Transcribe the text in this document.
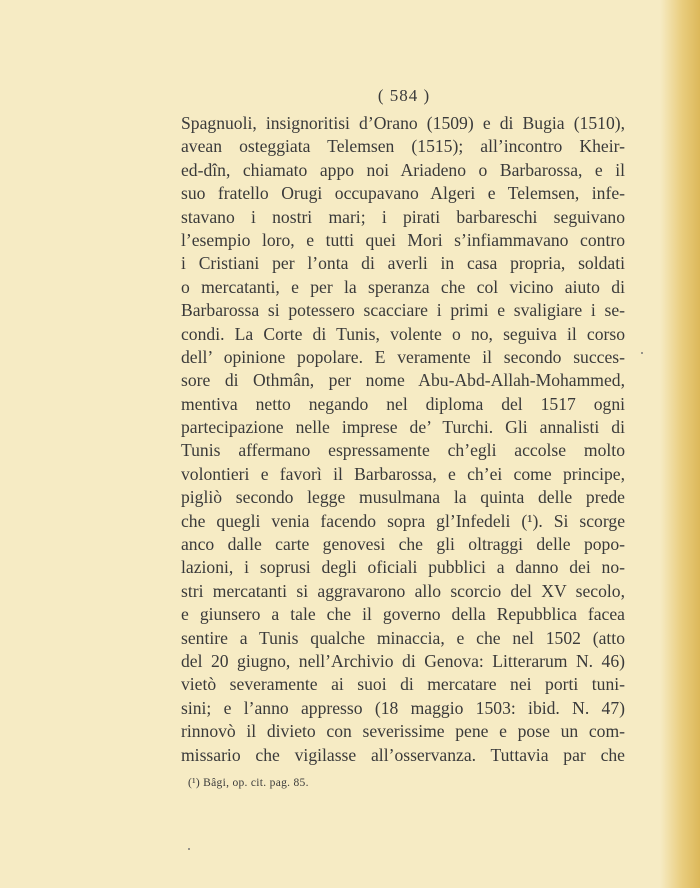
( 584 )
Spagnuoli, insignoritisi d’Orano (1509) e di Bugia (1510),
avean osteggiata Telemsen (1515); all’incontro Kheir-
ed-dîn, chiamato appo noi Ariadeno o Barbarossa, e il
suo fratello Orugi occupavano Algeri e Telemsen, infe-
stavano i nostri mari; i pirati barbareschi seguivano
l’esempio loro, e tutti quei Mori s’infiammavano contro
i Cristiani per l’onta di averli in casa propria, soldati
o mercatanti, e per la speranza che col vicino aiuto di
Barbarossa si potessero scacciare i primi e svaligiare i se-
condi. La Corte di Tunis, volente o no, seguiva il corso
dell’ opinione popolare. E veramente il secondo succes-
sore di Othmân, per nome Abu-Abd-Allah-Mohammed,
mentiva netto negando nel diploma del 1517 ogni
partecipazione nelle imprese de’ Turchi. Gli annalisti di
Tunis affermano espressamente ch’egli accolse molto
volontieri e favorì il Barbarossa, e ch’ei come principe,
pigliò secondo legge musulmana la quinta delle prede
che quegli venia facendo sopra gl’Infedeli (¹). Si scorge
anco dalle carte genovesi che gli oltraggi delle popo-
lazioni, i soprusi degli oficiali pubblici a danno dei no-
stri mercatanti si aggravarono allo scorcio del XV secolo,
e giunsero a tale che il governo della Repubblica facea
sentire a Tunis qualche minaccia, e che nel 1502 (atto
del 20 giugno, nell’Archivio di Genova: Litterarum N. 46)
vietò severamente ai suoi di mercatare nei porti tuni-
sini; e l’anno appresso (18 maggio 1503: ibid. N. 47)
rinnovò il divieto con severissime pene e pose un com-
missario che vigilasse all’osservanza. Tuttavia par che
(¹) Bâgi, op. cit. pag. 85.
